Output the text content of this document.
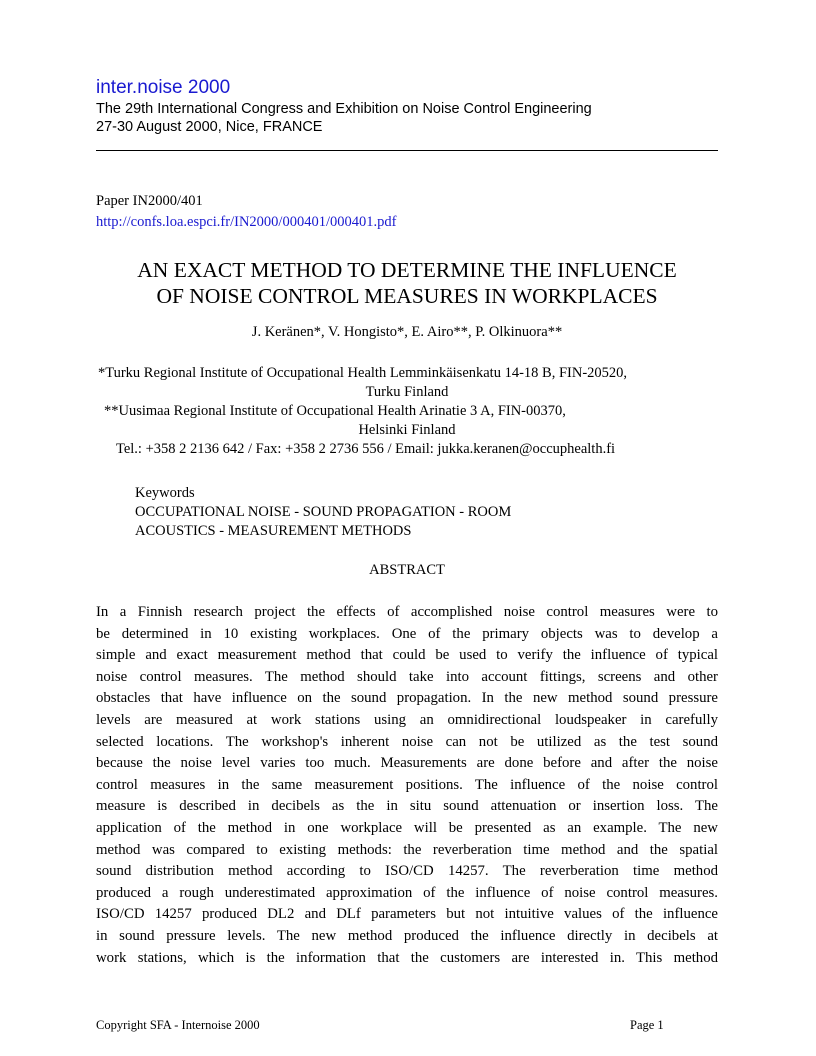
inter.noise 2000
The 29th International Congress and Exhibition on Noise Control Engineering
27-30 August 2000, Nice, FRANCE
Paper IN2000/401
http://confs.loa.espci.fr/IN2000/000401/000401.pdf
AN EXACT METHOD TO DETERMINE THE INFLUENCE
OF NOISE CONTROL MEASURES IN WORKPLACES
J. Keränen*, V. Hongisto*, E. Airo**, P. Olkinuora**
*Turku Regional Institute of Occupational Health Lemminkäisenkatu 14-18 B, FIN-20520,
Turku Finland
**Uusimaa Regional Institute of Occupational Health Arinatie 3 A, FIN-00370,
Helsinki Finland
Tel.: +358 2 2136 642 / Fax: +358 2 2736 556 / Email: jukka.keranen@occuphealth.fi
Keywords
OCCUPATIONAL NOISE - SOUND PROPAGATION - ROOM
ACOUSTICS - MEASUREMENT METHODS
ABSTRACT
In a Finnish research project the effects of accomplished noise control measures were to
be determined in 10 existing workplaces. One of the primary objects was to develop a
simple and exact measurement method that could be used to verify the influence of typical
noise control measures. The method should take into account fittings, screens and other
obstacles that have influence on the sound propagation. In the new method sound pressure
levels are measured at work stations using an omnidirectional loudspeaker in carefully
selected locations. The workshop's inherent noise can not be utilized as the test sound
because the noise level varies too much. Measurements are done before and after the noise
control measures in the same measurement positions. The influence of the noise control
measure is described in decibels as the in situ sound attenuation or insertion loss. The
application of the method in one workplace will be presented as an example. The new
method was compared to existing methods: the reverberation time method and the spatial
sound distribution method according to ISO/CD 14257. The reverberation time method
produced a rough underestimated approximation of the influence of noise control measures.
ISO/CD 14257 produced DL2 and DLf parameters but not intuitive values of the influence
in sound pressure levels. The new method produced the influence directly in decibels at
work stations, which is the information that the customers are interested in. This method
Copyright SFA - Internoise 2000	Page 1
